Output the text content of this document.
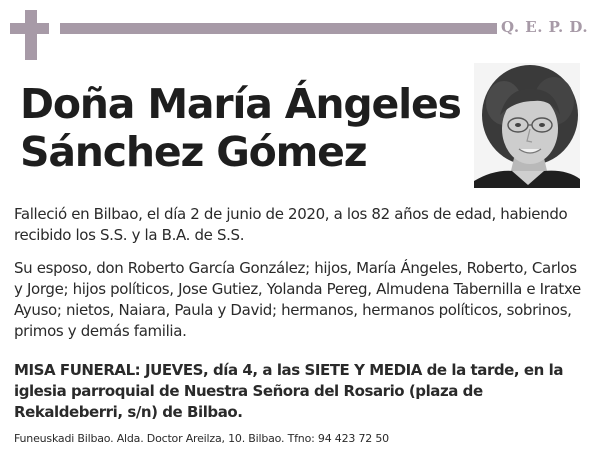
Q. E. P. D.
Doña María Ángeles
Sánchez Gómez
Falleció en Bilbao, el día 2 de junio de 2020, a los 82 años de edad, habiendo recibido los S.S. y la B.A. de S.S.
Su esposo, don Roberto García González; hijos, María Ángeles, Roberto, Carlos y Jorge; hijos políticos, Jose Gutiez, Yolanda Pereg, Almudena Tabernilla e Iratxe Ayuso; nietos, Naiara, Paula y David; hermanos, hermanos políticos, sobrinos, primos y demás familia.
MISA FUNERAL: JUEVES, día 4, a las SIETE Y MEDIA de la tarde, en la iglesia parroquial de Nuestra Señora del Rosario (plaza de Rekaldeberri, s/n) de Bilbao.
Funeuskadi Bilbao. Alda. Doctor Areilza, 10. Bilbao. Tfno: 94 423 72 50
